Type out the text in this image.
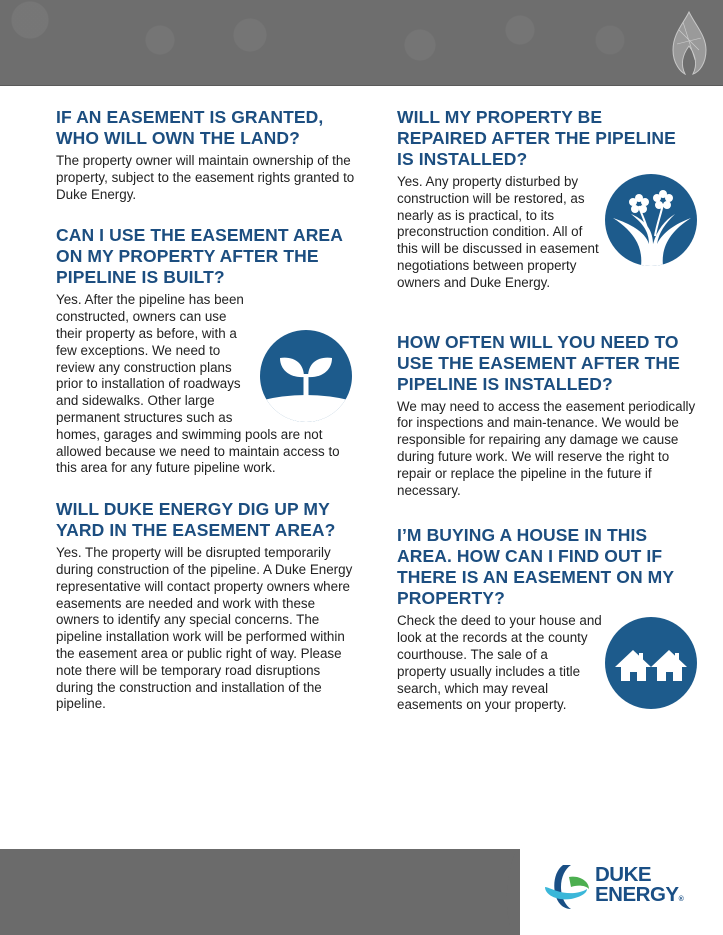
IF AN EASEMENT IS GRANTED, WHO WILL OWN THE LAND?

The property owner will maintain ownership of the property, subject to the easement rights granted to Duke Energy.

CAN I USE THE EASEMENT AREA ON MY PROPERTY AFTER THE PIPELINE IS BUILT?

Yes. After the pipeline has been constructed, owners can use their property as before, with a few exceptions. We need to review any construction plans prior to installation of roadways and sidewalks. Other large permanent structures such as homes, garages and swimming pools are not allowed because we need to maintain access to this area for any future pipeline work.

WILL DUKE ENERGY DIG UP MY YARD IN THE EASEMENT AREA?

Yes. The property will be disrupted temporarily during construction of the pipeline. A Duke Energy representative will contact property owners where easements are needed and work with these owners to identify any special concerns. The pipeline installation work will be performed within the easement area or public right of way. Please note there will be temporary road disruptions during the construction and installation of the pipeline.

WILL MY PROPERTY BE REPAIRED AFTER THE PIPELINE IS INSTALLED?

Yes. Any property disturbed by construction will be restored, as nearly as is practical, to its preconstruction condition. All of this will be discussed in easement negotiations between property owners and Duke Energy.

HOW OFTEN WILL YOU NEED TO USE THE EASEMENT AFTER THE PIPELINE IS INSTALLED?

We may need to access the easement periodically for inspections and main-tenance. We would be responsible for repairing any damage we cause during future work. We will reserve the right to repair or replace the pipeline in the future if necessary.

I’M BUYING A HOUSE IN THIS AREA. HOW CAN I FIND OUT IF THERE IS AN EASEMENT ON MY PROPERTY?

Check the deed to your house and look at the records at the county courthouse. The sale of a property usually includes a title search, which may reveal easements on your property.

DUKE
ENERGY®
